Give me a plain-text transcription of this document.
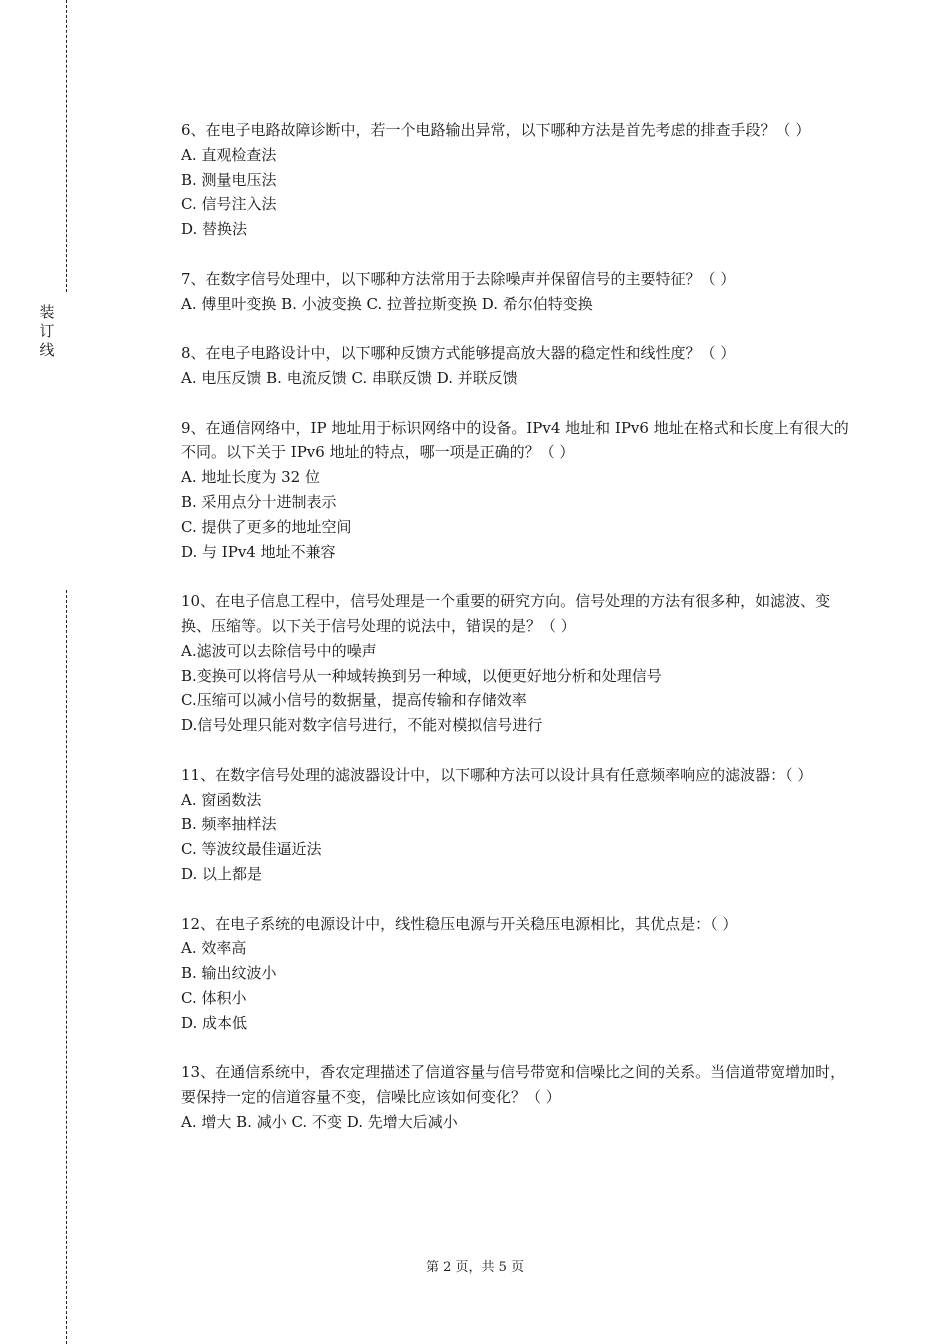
装
订
线

6、在电子电路故障诊断中，若一个电路输出异常，以下哪种方法是首先考虑的排查手段？（ ）

A. 直观检查法

B. 测量电压法

C. 信号注入法

D. 替换法

7、在数字信号处理中，以下哪种方法常用于去除噪声并保留信号的主要特征？（ ）

A. 傅里叶变换 B. 小波变换 C. 拉普拉斯变换 D. 希尔伯特变换

8、在电子电路设计中，以下哪种反馈方式能够提高放大器的稳定性和线性度？（ ）

A. 电压反馈 B. 电流反馈 C. 串联反馈 D. 并联反馈

9、在通信网络中，IP 地址用于标识网络中的设备。IPv4 地址和 IPv6 地址在格式和长度上有很大的不同。以下关于 IPv6 地址的特点，哪一项是正确的？（ ）

A. 地址长度为 32 位

B. 采用点分十进制表示

C. 提供了更多的地址空间

D. 与 IPv4 地址不兼容

10、在电子信息工程中，信号处理是一个重要的研究方向。信号处理的方法有很多种，如滤波、变换、压缩等。以下关于信号处理的说法中，错误的是？（ ）

A.滤波可以去除信号中的噪声

B.变换可以将信号从一种域转换到另一种域，以便更好地分析和处理信号

C.压缩可以减小信号的数据量，提高传输和存储效率

D.信号处理只能对数字信号进行，不能对模拟信号进行

11、在数字信号处理的滤波器设计中，以下哪种方法可以设计具有任意频率响应的滤波器：（ ）

A. 窗函数法

B. 频率抽样法

C. 等波纹最佳逼近法

D. 以上都是

12、在电子系统的电源设计中，线性稳压电源与开关稳压电源相比，其优点是：（ ）

A. 效率高

B. 输出纹波小

C. 体积小

D. 成本低

13、在通信系统中，香农定理描述了信道容量与信号带宽和信噪比之间的关系。当信道带宽增加时，要保持一定的信道容量不变，信噪比应该如何变化？（ ）

A. 增大 B. 减小 C. 不变 D. 先增大后减小

第 2 页，共 5 页
